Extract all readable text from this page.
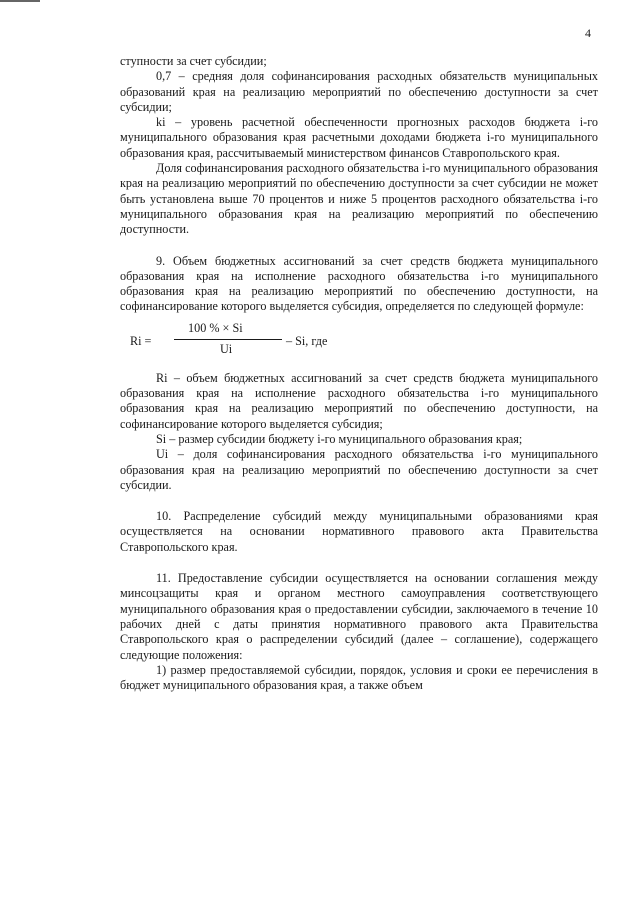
4

ступности за счет субсидии;

0,7 – средняя доля софинансирования расходных обязательств муниципальных образований края на реализацию мероприятий по обеспечению доступности за счет субсидии;

ki – уровень расчетной обеспеченности прогнозных расходов бюджета i-го муниципального образования края расчетными доходами бюджета i-го муниципального образования края, рассчитываемый министерством финансов Ставропольского края.

Доля софинансирования расходного обязательства i-го муниципального образования края на реализацию мероприятий по обеспечению доступности за счет субсидии не может быть установлена выше 70 процентов и ниже 5 процентов расходного обязательства i-го муниципального образования края на реализацию мероприятий по обеспечению доступности.

9. Объем бюджетных ассигнований за счет средств бюджета муниципального образования края на исполнение расходного обязательства i-го муниципального образования края на реализацию мероприятий по обеспечению доступности, на софинансирование которого выделяется субсидия, определяется по следующей формуле:

Ri =
100 % × Si
Ui
– Si, где

Ri – объем бюджетных ассигнований за счет средств бюджета муниципального образования края на исполнение расходного обязательства i-го муниципального образования края на реализацию мероприятий по обеспечению доступности, на софинансирование которого выделяется субсидия;

Si – размер субсидии бюджету i-го муниципального образования края;

Ui – доля софинансирования расходного обязательства i-го муниципального образования края на реализацию мероприятий по обеспечению доступности за счет субсидии.

10. Распределение субсидий между муниципальными образованиями края осуществляется на основании нормативного правового акта Правительства Ставропольского края.

11. Предоставление субсидии осуществляется на основании соглашения между минсоцзащиты края и органом местного самоуправления соответствующего муниципального образования края о предоставлении субсидии, заключаемого в течение 10 рабочих дней с даты принятия нормативного правового акта Правительства Ставропольского края о распределении субсидий (далее – соглашение), содержащего следующие положения:

1) размер предоставляемой субсидии, порядок, условия и сроки ее перечисления в бюджет муниципального образования края, а также объем
